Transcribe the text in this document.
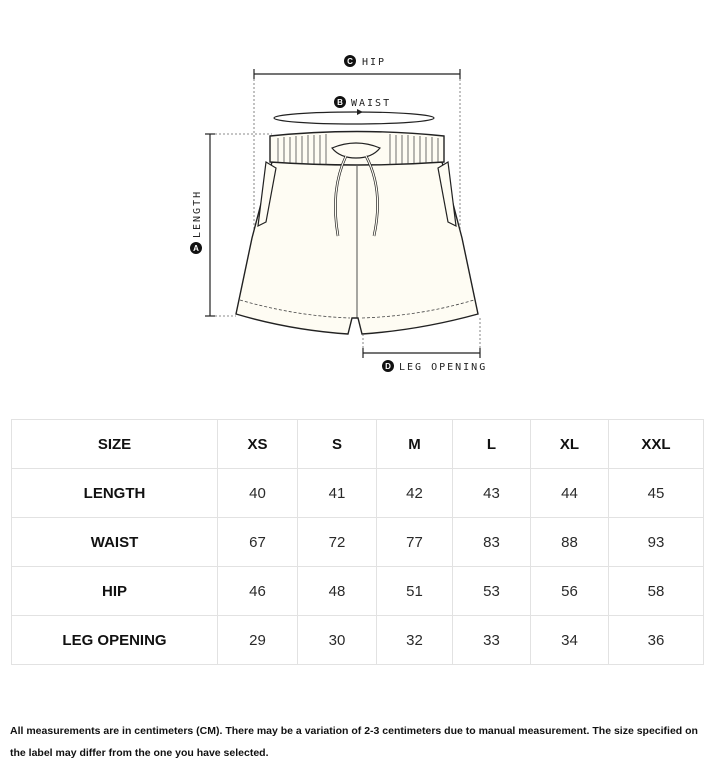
C HIP
B WAIST
A
LENGTH
D LEG OPENING
SIZE	XS	S	M	L	XL	XXL
LENGTH	40	41	42	43	44	45
WAIST	67	72	77	83	88	93
HIP	46	48	51	53	56	58
LEG OPENING	29	30	32	33	34	36
All measurements are in centimeters (CM). There may be a variation of 2-3 centimeters due to manual measurement. The size specified on the label may differ from the one you have selected.
